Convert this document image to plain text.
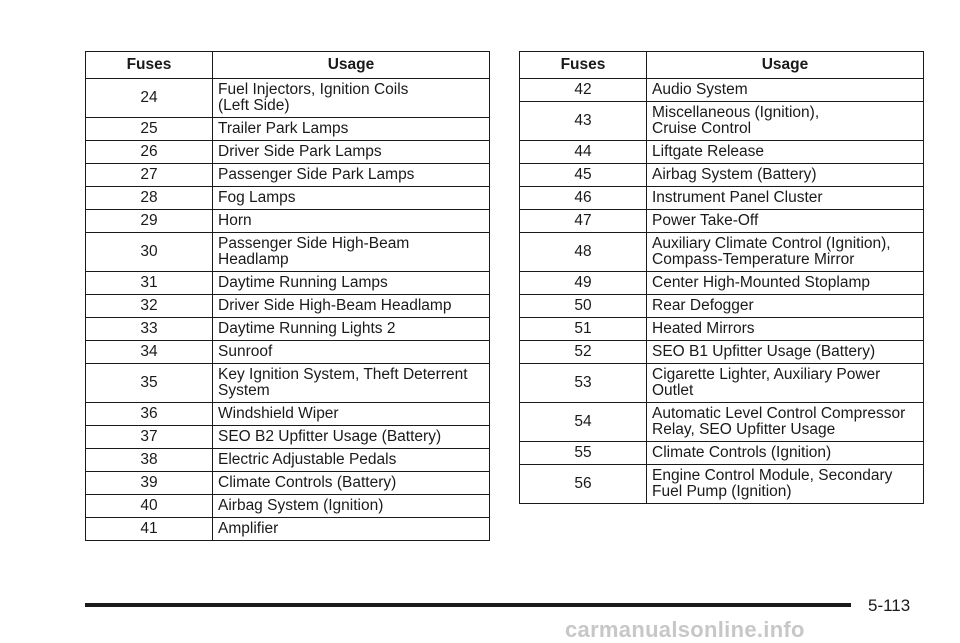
Fuses	Usage
24	Fuel Injectors, Ignition Coils
(Left Side)

25	Trailer Park Lamps

26	Driver Side Park Lamps

27	Passenger Side Park Lamps

28	Fog Lamps

29	Horn

30	Passenger Side High-Beam
Headlamp

31	Daytime Running Lamps

32	Driver Side High-Beam Headlamp

33	Daytime Running Lights 2

34	Sunroof

35	Key Ignition System, Theft Deterrent
System

36	Windshield Wiper

37	SEO B2 Upfitter Usage (Battery)

38	Electric Adjustable Pedals

39	Climate Controls (Battery)

40	Airbag System (Ignition)

41	Amplifier
Fuses	Usage
42	Audio System

43	Miscellaneous (Ignition),
Cruise Control

44	Liftgate Release

45	Airbag System (Battery)

46	Instrument Panel Cluster

47	Power Take-Off

48	Auxiliary Climate Control (Ignition),
Compass-Temperature Mirror

49	Center High-Mounted Stoplamp

50	Rear Defogger

51	Heated Mirrors

52	SEO B1 Upfitter Usage (Battery)

53	Cigarette Lighter, Auxiliary Power
Outlet

54	Automatic Level Control Compressor
Relay, SEO Upfitter Usage

55	Climate Controls (Ignition)

56	Engine Control Module, Secondary
Fuel Pump (Ignition)
5-113
carmanualsonline.info
